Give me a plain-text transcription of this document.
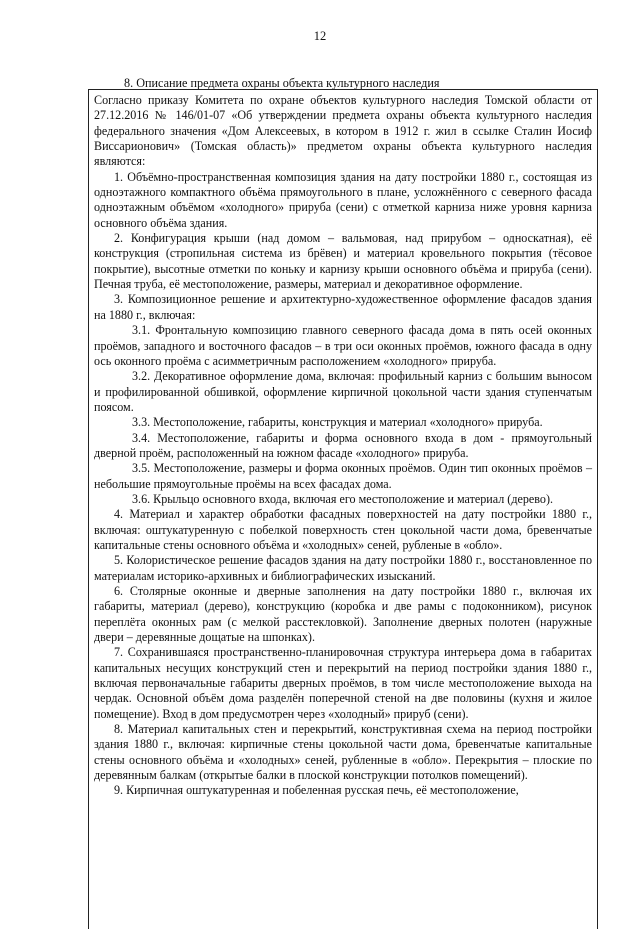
12
8. Описание предмета охраны объекта культурного наследия

Согласно приказу Комитета по охране объектов культурного наследия Томской области от 27.12.2016 № 146/01-07 «Об утверждении предмета охраны объекта культурного наследия федерального значения «Дом Алексеевых, в котором в 1912 г. жил в ссылке Сталин Иосиф Виссарионович» (Томская область)» предметом охраны объекта культурного наследия являются:

1. Объёмно-пространственная композиция здания на дату постройки 1880 г., состоящая из одноэтажного компактного объёма прямоугольного в плане, усложнённого с северного фасада одноэтажным объёмом «холодного» прируба (сени) с отметкой карниза ниже уровня карниза основного объёма здания.

2. Конфигурация крыши (над домом – вальмовая, над прирубом – односкатная), её конструкция (стропильная система из брёвен) и материал кровельного покрытия (тёсовое покрытие), высотные отметки по коньку и карнизу крыши основного объёма и прируба (сени). Печная труба, её местоположение, размеры, материал и декоративное оформление.

3. Композиционное решение и архитектурно-художественное оформление фасадов здания на 1880 г., включая:

3.1. Фронтальную композицию главного северного фасада дома в пять осей оконных проёмов, западного и восточного фасадов – в три оси оконных проёмов, южного фасада в одну ось оконного проёма с асимметричным расположением «холодного» прируба.

3.2. Декоративное оформление дома, включая: профильный карниз с большим выносом и профилированной обшивкой, оформление кирпичной цокольной части здания ступенчатым поясом.

3.3. Местоположение, габариты, конструкция и материал «холодного» прируба.

3.4. Местоположение, габариты и форма основного входа в дом - прямоугольный дверной проём, расположенный на южном фасаде «холодного» прируба.

3.5. Местоположение, размеры и форма оконных проёмов. Один тип оконных проёмов – небольшие прямоугольные проёмы на всех фасадах дома.

3.6. Крыльцо основного входа, включая его местоположение и материал (дерево).

4. Материал и характер обработки фасадных поверхностей на дату постройки 1880 г., включая: оштукатуренную с побелкой поверхность стен цокольной части дома, бревенчатые капитальные стены основного объёма и «холодных» сеней, рубленые в «обло».

5. Колористическое решение фасадов здания на дату постройки 1880 г., восстановленное по материалам историко-архивных и библиографических изысканий.

6. Столярные оконные и дверные заполнения на дату постройки 1880 г., включая их габариты, материал (дерево), конструкцию (коробка и две рамы с подоконником), рисунок переплёта оконных рам (с мелкой расстекловкой). Заполнение дверных полотен (наружные двери – деревянные дощатые на шпонках).

7. Сохранившаяся пространственно-планировочная структура интерьера дома в габаритах капитальных несущих конструкций стен и перекрытий на период постройки здания 1880 г., включая первоначальные габариты дверных проёмов, в том числе местоположение выхода на чердак. Основной объём дома разделён поперечной стеной на две половины (кухня и жилое помещение). Вход в дом предусмотрен через «холодный» прируб (сени).

8. Материал капитальных стен и перекрытий, конструктивная схема на период постройки здания 1880 г., включая: кирпичные стены цокольной части дома, бревенчатые капитальные стены основного объёма и «холодных» сеней, рубленные в «обло». Перекрытия – плоские по деревянным балкам (открытые балки в плоской конструкции потолков помещений).

9. Кирпичная оштукатуренная и побеленная русская печь, её местоположение,
